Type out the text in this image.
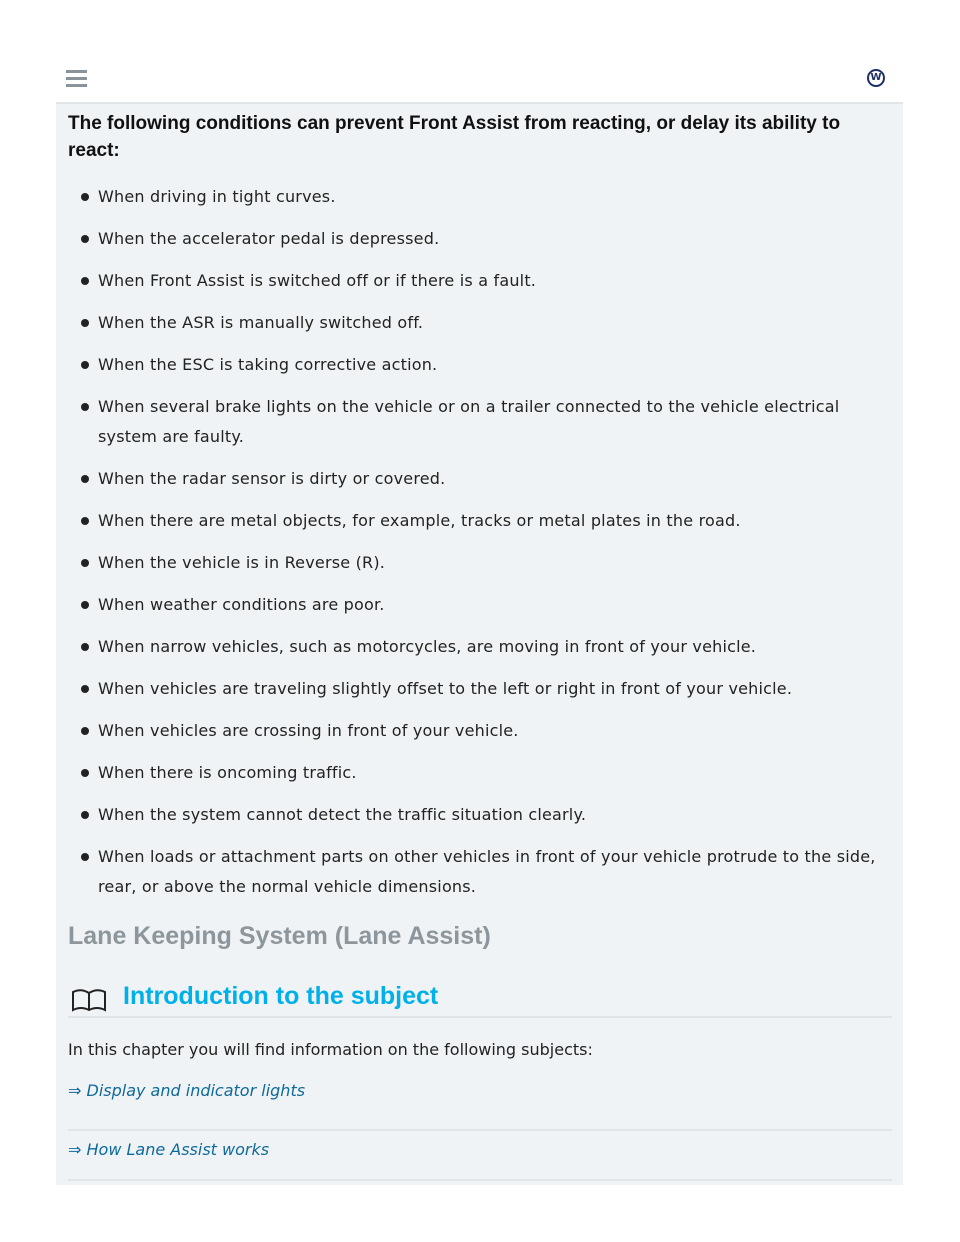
W
The following conditions can prevent Front Assist from reacting, or delay its ability to react:
When driving in tight curves.
When the accelerator pedal is depressed.
When Front Assist is switched off or if there is a fault.
When the ASR is manually switched off.
When the ESC is taking corrective action.
When several brake lights on the vehicle or on a trailer connected to the vehicle electrical system are faulty.
When the radar sensor is dirty or covered.
When there are metal objects, for example, tracks or metal plates in the road.
When the vehicle is in Reverse (R).
When weather conditions are poor.
When narrow vehicles, such as motorcycles, are moving in front of your vehicle.
When vehicles are traveling slightly offset to the left or right in front of your vehicle.
When vehicles are crossing in front of your vehicle.
When there is oncoming traffic.
When the system cannot detect the traffic situation clearly.
When loads or attachment parts on other vehicles in front of your vehicle protrude to the side, rear, or above the normal vehicle dimensions.
Lane Keeping System (Lane Assist)
Introduction to the subject
In this chapter you will find information on the following subjects:
⇒ Display and indicator lights
⇒ How Lane Assist works
